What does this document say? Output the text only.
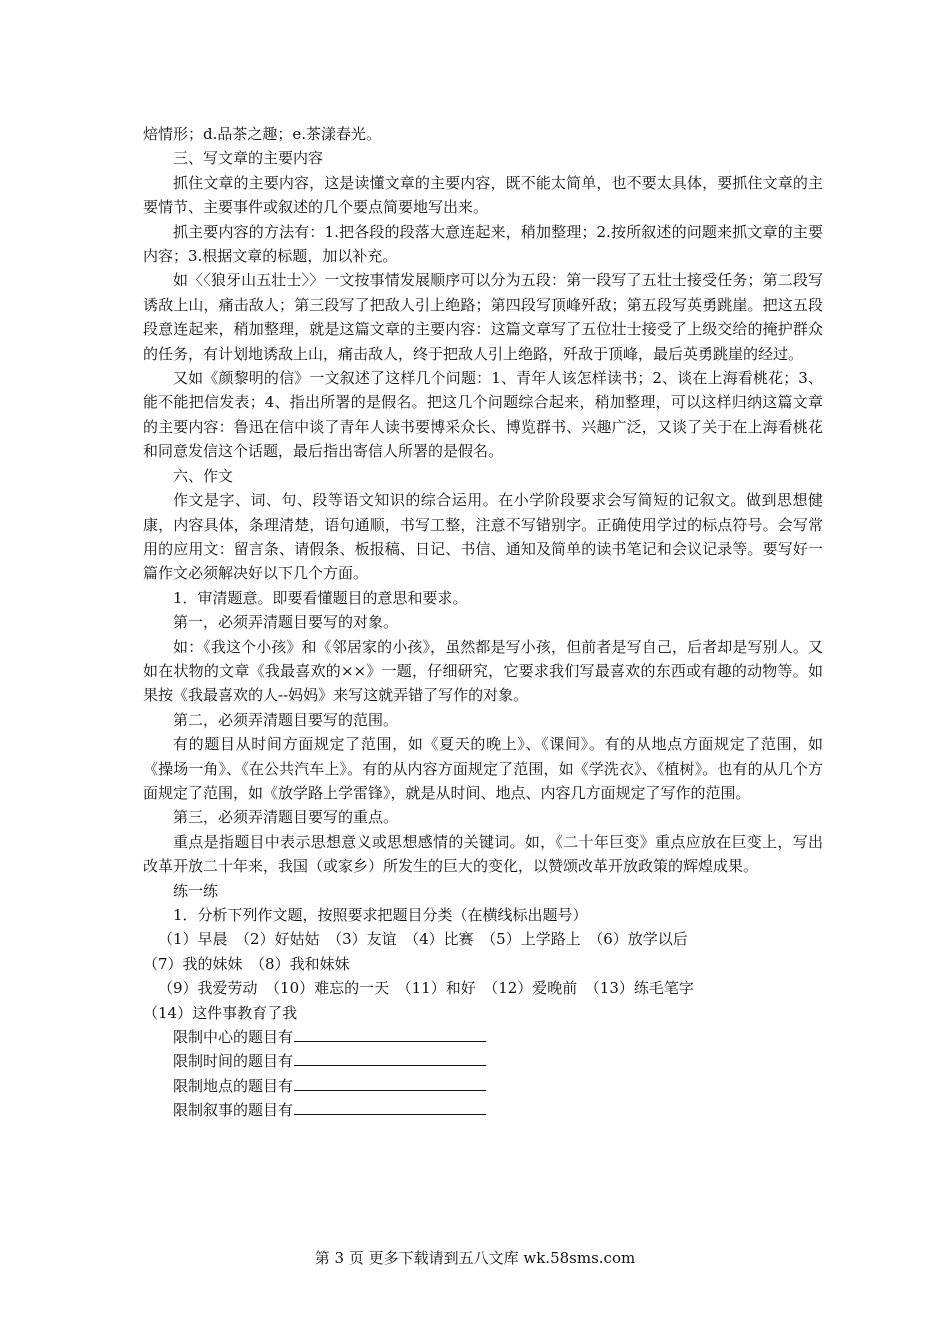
焙情形；d.品茶之趣；e.茶漾春光。

三、写文章的主要内容

抓住文章的主要内容，这是读懂文章的主要内容，既不能太简单，也不要太具体，要抓住文章的主要情节、主要事件或叙述的几个要点简要地写出来。

抓主要内容的方法有：1.把各段的段落大意连起来，稍加整理；2.按所叙述的问题来抓文章的主要内容；3.根据文章的标题，加以补充。

如〈〈狼牙山五壮士〉〉一文按事情发展顺序可以分为五段：第一段写了五壮士接受任务；第二段写诱敌上山，痛击敌人；第三段写了把敌人引上绝路；第四段写顶峰歼敌；第五段写英勇跳崖。把这五段段意连起来，稍加整理，就是这篇文章的主要内容：这篇文章写了五位壮士接受了上级交给的掩护群众的任务，有计划地诱敌上山，痛击敌人，终于把敌人引上绝路，歼敌于顶峰，最后英勇跳崖的经过。

又如《颜黎明的信》一文叙述了这样几个问题：1、青年人该怎样读书；2、谈在上海看桃花；3、能不能把信发表；4、指出所署的是假名。把这几个问题综合起来，稍加整理，可以这样归纳这篇文章的主要内容：鲁迅在信中谈了青年人读书要博采众长、博览群书、兴趣广泛，又谈了关于在上海看桃花和同意发信这个话题，最后指出寄信人所署的是假名。

六、作文

作文是字、词、句、段等语文知识的综合运用。在小学阶段要求会写简短的记叙文。做到思想健康，内容具体，条理清楚，语句通顺，书写工整，注意不写错别字。正确使用学过的标点符号。会写常用的应用文：留言条、请假条、板报稿、日记、书信、通知及简单的读书笔记和会议记录等。要写好一篇作文必须解决好以下几个方面。

1．审清题意。即要看懂题目的意思和要求。

第一，必须弄清题目要写的对象。

如：《我这个小孩》和《邻居家的小孩》，虽然都是写小孩，但前者是写自己，后者却是写别人。又如在状物的文章《我最喜欢的××》一题，仔细研究，它要求我们写最喜欢的东西或有趣的动物等。如果按《我最喜欢的人--妈妈》来写这就弄错了写作的对象。

第二，必须弄清题目要写的范围。

有的题目从时间方面规定了范围，如《夏天的晚上》、《课间》。有的从地点方面规定了范围，如《操场一角》、《在公共汽车上》。有的从内容方面规定了范围，如《学洗衣》、《植树》。也有的从几个方面规定了范围，如《放学路上学雷锋》，就是从时间、地点、内容几方面规定了写作的范围。

第三，必须弄清题目要写的重点。

重点是指题目中表示思想意义或思想感情的关键词。如，《二十年巨变》重点应放在巨变上，写出改革开放二十年来，我国（或家乡）所发生的巨大的变化，以赞颂改革开放政策的辉煌成果。

练一练

1．分析下列作文题，按照要求把题目分类（在横线标出题号）

（1）早晨　（2）好姑姑　（3）友谊　（4）比赛　（5）上学路上　（6）放学以后

（7）我的妹妹　（8）我和妹妹

（9）我爱劳动　（10）难忘的一天　（11）和好　（12）爱晚前　（13）练毛笔字

（14）这件事教育了我

限制中心的题目有

限制时间的题目有

限制地点的题目有

限制叙事的题目有

第 3 页 更多下载请到五八文库 wk.58sms.com
